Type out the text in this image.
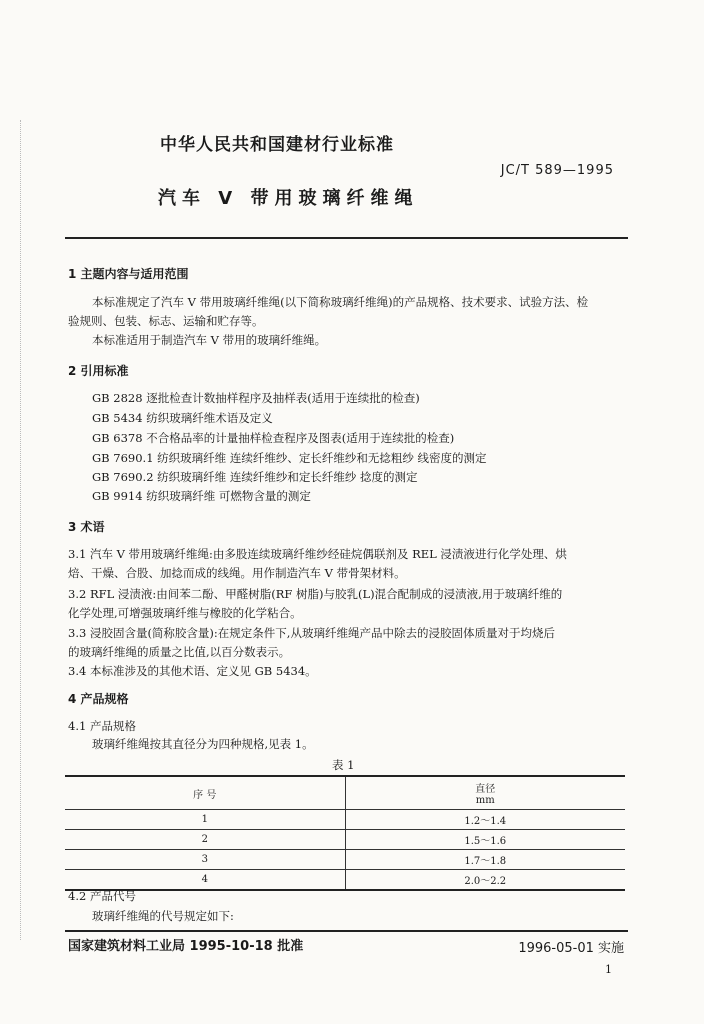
中华人民共和国建材行业标准
JC/T 589—1995
汽车 V 带用玻璃纤维绳
1 主题内容与适用范围
本标准规定了汽车 V 带用玻璃纤维绳(以下简称玻璃纤维绳)的产品规格、技术要求、试验方法、检
验规则、包装、标志、运输和贮存等。
本标准适用于制造汽车 V 带用的玻璃纤维绳。
2 引用标准
GB 2828 逐批检查计数抽样程序及抽样表(适用于连续批的检查)
GB 5434 纺织玻璃纤维术语及定义
GB 6378 不合格品率的计量抽样检查程序及图表(适用于连续批的检查)
GB 7690.1 纺织玻璃纤维 连续纤维纱、定长纤维纱和无捻粗纱 线密度的测定
GB 7690.2 纺织玻璃纤维 连续纤维纱和定长纤维纱 捻度的测定
GB 9914 纺织玻璃纤维 可燃物含量的测定
3 术语
3.1 汽车 V 带用玻璃纤维绳:由多股连续玻璃纤维纱经硅烷偶联剂及 REL 浸渍液进行化学处理、烘
焙、干燥、合股、加捻而成的线绳。用作制造汽车 V 带骨架材料。
3.2 RFL 浸渍液:由间苯二酚、甲醛树脂(RF 树脂)与胶乳(L)混合配制成的浸渍液,用于玻璃纤维的
化学处理,可增强玻璃纤维与橡胶的化学粘合。
3.3 浸胶固含量(简称胶含量):在规定条件下,从玻璃纤维绳产品中除去的浸胶固体质量对于均烧后
的玻璃纤维绳的质量之比值,以百分数表示。
3.4 本标准涉及的其他术语、定义见 GB 5434。
4 产品规格
4.1 产品规格
玻璃纤维绳按其直径分为四种规格,见表 1。
表 1
序 号	直径
mm

1	1.2～1.4
2	1.5～1.6
3	1.7～1.8
4	2.0～2.2
4.2 产品代号
玻璃纤维绳的代号规定如下:
国家建筑材料工业局 1995-10-18 批准	1996-05-01 实施
1
